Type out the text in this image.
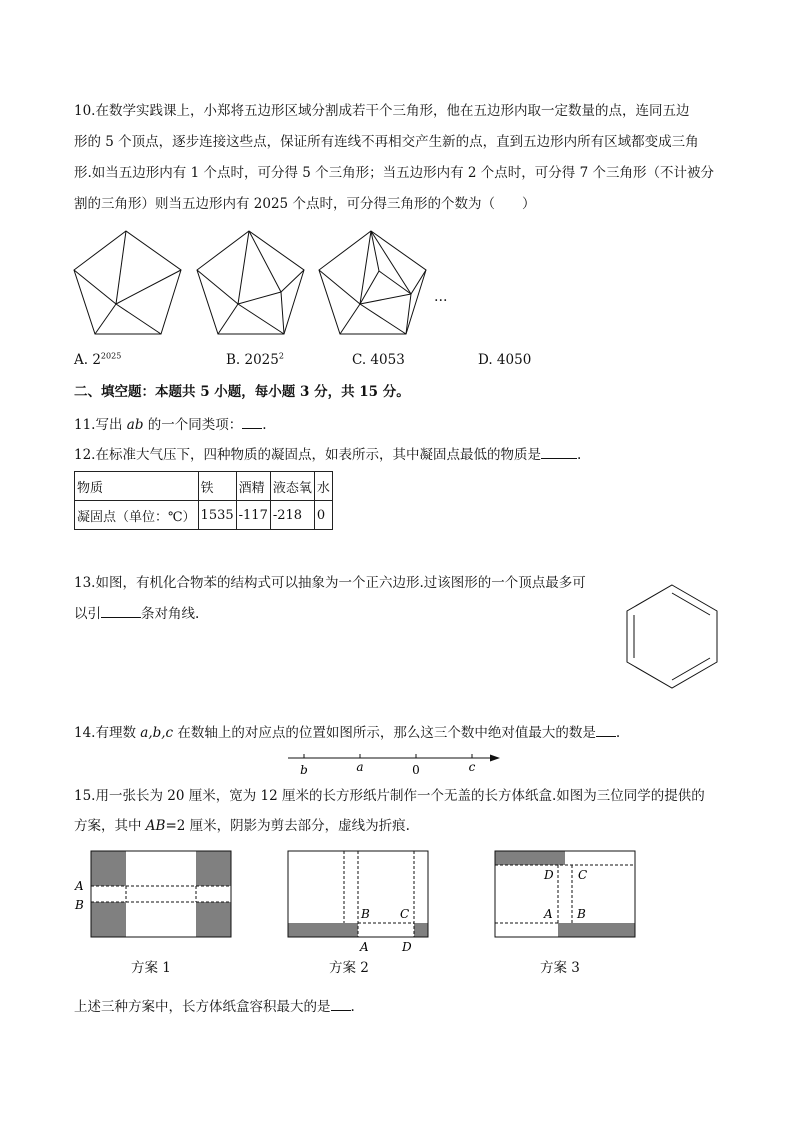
10.在数学实践课上，小郑将五边形区域分割成若干个三角形，他在五边形内取一定数量的点，连同五边
形的 5 个顶点，逐步连接这些点，保证所有连线不再相交产生新的点，直到五边形内所有区域都变成三角
形.如当五边形内有 1 个点时，可分得 5 个三角形；当五边形内有 2 个点时，可分得 7 个三角形（不计被分
割的三角形）则当五边形内有 2025 个点时，可分得三角形的个数为（　　）
…
A. $2^{2025}$	B. 2025$^2$	C. 4053	D. 4050
二、填空题：本题共 5 小题，每小题 3 分，共 15 分。
11.写出 ab 的一个同类项： .
12.在标准大气压下，四种物质的凝固点，如表所示，其中凝固点最低的物质是	.
物质	铁	酒精	液态氧	水
凝固点（单位：℃）	1535	-117	-218	0
13.如图，有机化合物苯的结构式可以抽象为一个正六边形.过该图形的一个顶点最多可
以引	条对角线.
14.有理数 a,b,c 在数轴上的对应点的位置如图所示，那么这三个数中绝对值最大的数是 .
b	a	0	c
15.用一张长为 20 厘米，宽为 12 厘米的长方形纸片制作一个无盖的长方体纸盒.如图为三位同学的提供的
方案，其中 AB=2 厘米，阴影为剪去部分，虚线为折痕.
A
B
方案 1
B	C
A	D
方案 2
D C
A B
方案 3
上述三种方案中，长方体纸盒容积最大的是 .
